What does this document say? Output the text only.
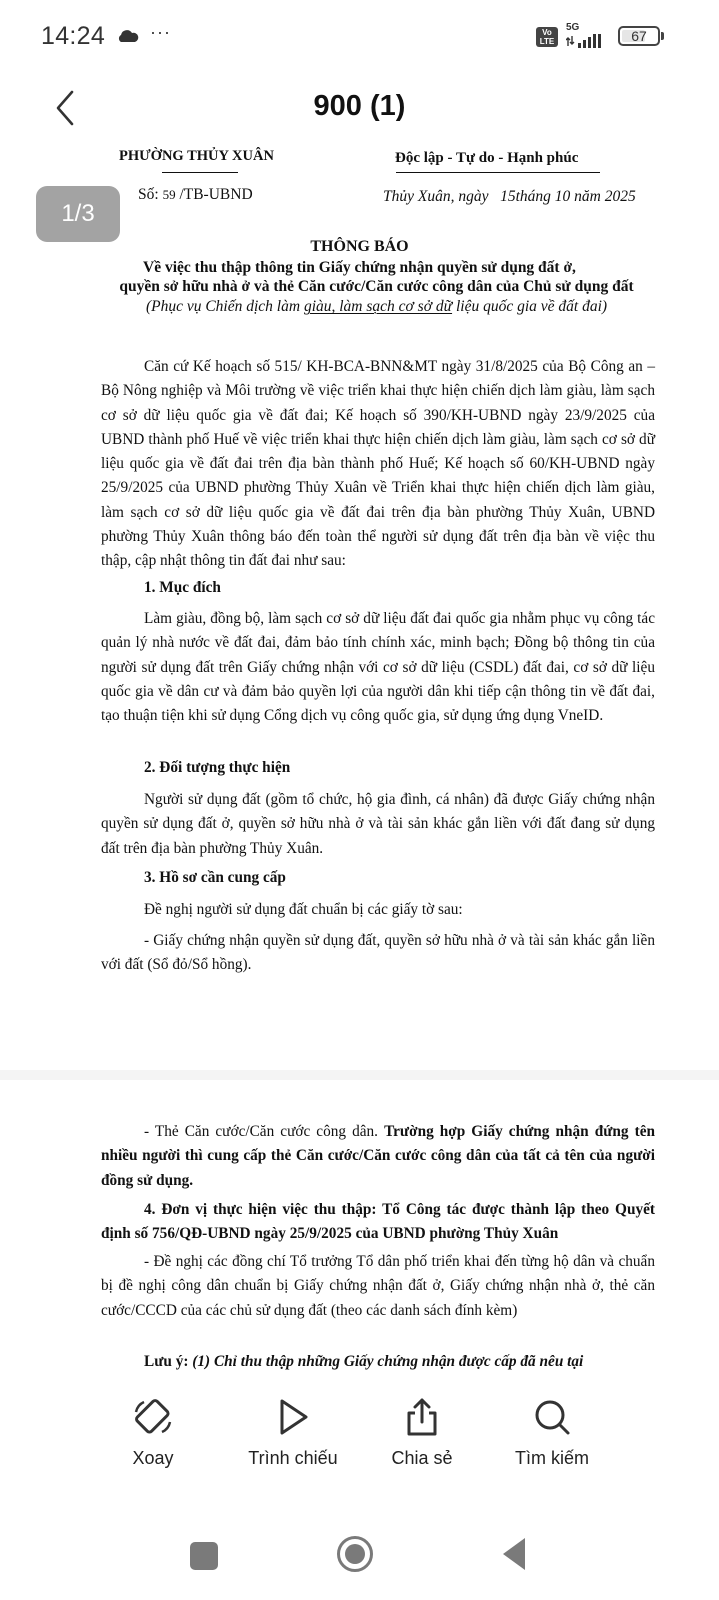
14:24 ···	Vo LTE
5G
67
900 (1)
PHƯỜNG THỦY XUÂN	Độc lập - Tự do - Hạnh phúc
Số: 59 /TB-UBND	Thủy Xuân, ngày   15tháng 10 năm 2025
THÔNG BÁO
Về việc thu thập thông tin Giấy chứng nhận quyền sử dụng đất ở,
quyền sở hữu nhà ở và thẻ Căn cước/Căn cước công dân của Chủ sử dụng đất
(Phục vụ Chiến dịch làm giàu, làm sạch cơ sở dữ liệu quốc gia về đất đai)
Căn cứ Kế hoạch số 515/ KH-BCA-BNN&MT ngày 31/8/2025 của Bộ Công an – Bộ Nông nghiệp và Môi trường về việc triển khai thực hiện chiến dịch làm giàu, làm sạch cơ sở dữ liệu quốc gia về đất đai; Kế hoạch số 390/KH-UBND ngày 23/9/2025 của UBND thành phố Huế về việc triển khai thực hiện chiến dịch làm giàu, làm sạch cơ sở dữ liệu quốc gia về đất đai trên địa bàn thành phố Huế; Kế hoạch số 60/KH-UBND ngày 25/9/2025 của UBND phường Thủy Xuân về Triển khai thực hiện chiến dịch làm giàu, làm sạch cơ sở dữ liệu quốc gia về đất đai trên địa bàn phường Thủy Xuân, UBND phường Thủy Xuân thông báo đến toàn thể người sử dụng đất trên địa bàn về việc thu thập, cập nhật thông tin đất đai như sau:
1. Mục đích
Làm giàu, đồng bộ, làm sạch cơ sở dữ liệu đất đai quốc gia nhằm phục vụ công tác quản lý nhà nước về đất đai, đảm bảo tính chính xác, minh bạch; Đồng bộ thông tin của người sử dụng đất trên Giấy chứng nhận với cơ sở dữ liệu (CSDL) đất đai, cơ sở dữ liệu quốc gia về dân cư và đảm bảo quyền lợi của người dân khi tiếp cận thông tin về đất đai, tạo thuận tiện khi sử dụng Cổng dịch vụ công quốc gia, sử dụng ứng dụng VneID.
2. Đối tượng thực hiện
Người sử dụng đất (gồm tổ chức, hộ gia đình, cá nhân) đã được Giấy chứng nhận quyền sử dụng đất ở, quyền sở hữu nhà ở và tài sản khác gắn liền với đất đang sử dụng đất trên địa bàn phường Thủy Xuân.
3. Hồ sơ cần cung cấp
Đề nghị người sử dụng đất chuẩn bị các giấy tờ sau:
- Giấy chứng nhận quyền sử dụng đất, quyền sở hữu nhà ở và tài sản khác gắn liền với đất (Sổ đỏ/Sổ hồng).
- Thẻ Căn cước/Căn cước công dân. Trường hợp Giấy chứng nhận đứng tên nhiều người thì cung cấp thẻ Căn cước/Căn cước công dân của tất cả tên của người đồng sử dụng.
4. Đơn vị thực hiện việc thu thập: Tổ Công tác được thành lập theo Quyết định số 756/QĐ-UBND ngày 25/9/2025 của UBND phường Thủy Xuân
- Đề nghị các đồng chí Tổ trưởng Tổ dân phố triển khai đến từng hộ dân và chuẩn bị đề nghị công dân chuẩn bị Giấy chứng nhận đất ở, Giấy chứng nhận nhà ở, thẻ căn cước/CCCD của các chủ sử dụng đất (theo các danh sách đính kèm)
Lưu ý: (1) Chỉ thu thập những Giấy chứng nhận được cấp đã nêu tại
1/3
Xoay	Trình chiếu	Chia sẻ	Tìm kiếm
